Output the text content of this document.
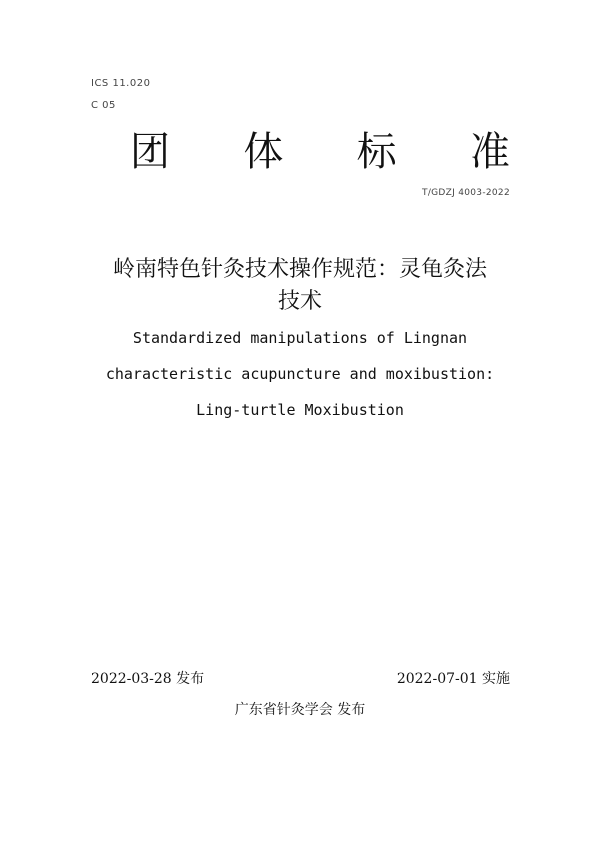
ICS 11.020
C 05
团 体 标 准
T/GDZJ 4003-2022
岭南特色针灸技术操作规范：灵龟灸法
技术
Standardized manipulations of Lingnan
characteristic acupuncture and moxibustion:
Ling-turtle Moxibustion
2022-03-28 发布	2022-07-01 实施
广东省针灸学会 发布
